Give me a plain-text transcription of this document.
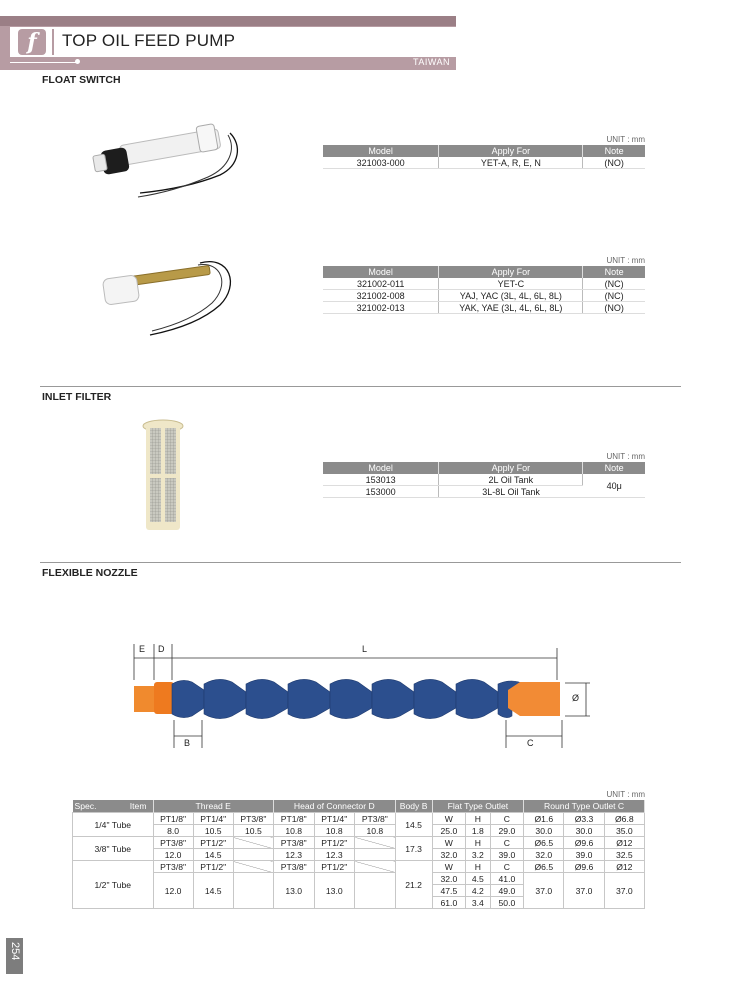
f	TOP OIL FEED PUMP
TAIWAN
FLOAT SWITCH
UNIT : mm
Model	Apply For	Note
321003-000	YET-A, R, E, N	(NO)
UNIT : mm
Model	Apply For	Note
321002-011	YET-C	(NC)
321002-008	YAJ, YAC (3L, 4L, 6L, 8L)	(NC)
321002-013	YAK, YAE (3L, 4L, 6L, 8L)	(NO)
INLET FILTER
UNIT : mm
Model	Apply For	Note
153013	2L Oil Tank	40μ
153000	3L-8L Oil Tank	
FLEXIBLE NOZZLE
E D	L
B	C
Ø
UNIT : mm
Spec. Item	Thread E			Head of Connector D			Body B	Flat Type Outlet			Round Type Outlet C		
1/4" Tube	PT1/8"	PT1/4"	PT3/8"	PT1/8"	PT1/4"	PT3/8"	14.5	W	H	C	Ø1.6	Ø3.3	Ø6.8
	8.0	10.5	10.5	10.8	10.8	10.8		25.0	1.8	29.0	30.0	30.0	35.0
3/8" Tube	PT3/8"	PT1/2"		PT3/8"	PT1/2"		17.3	W	H	C	Ø6.5	Ø9.6	Ø12
	12.0	14.5		12.3	12.3			32.0	3.2	39.0	32.0	39.0	32.5
1/2" Tube	PT3/8"	PT1/2"		PT3/8"	PT1/2"		21.2	W	H	C	Ø6.5	Ø9.6	Ø12
	12.0	14.5		13.0	13.0			32.0	4.5	41.0	37.0	37.0	37.0
								47.5	4.2	49.0			
								61.0	3.4	50.0			
254
